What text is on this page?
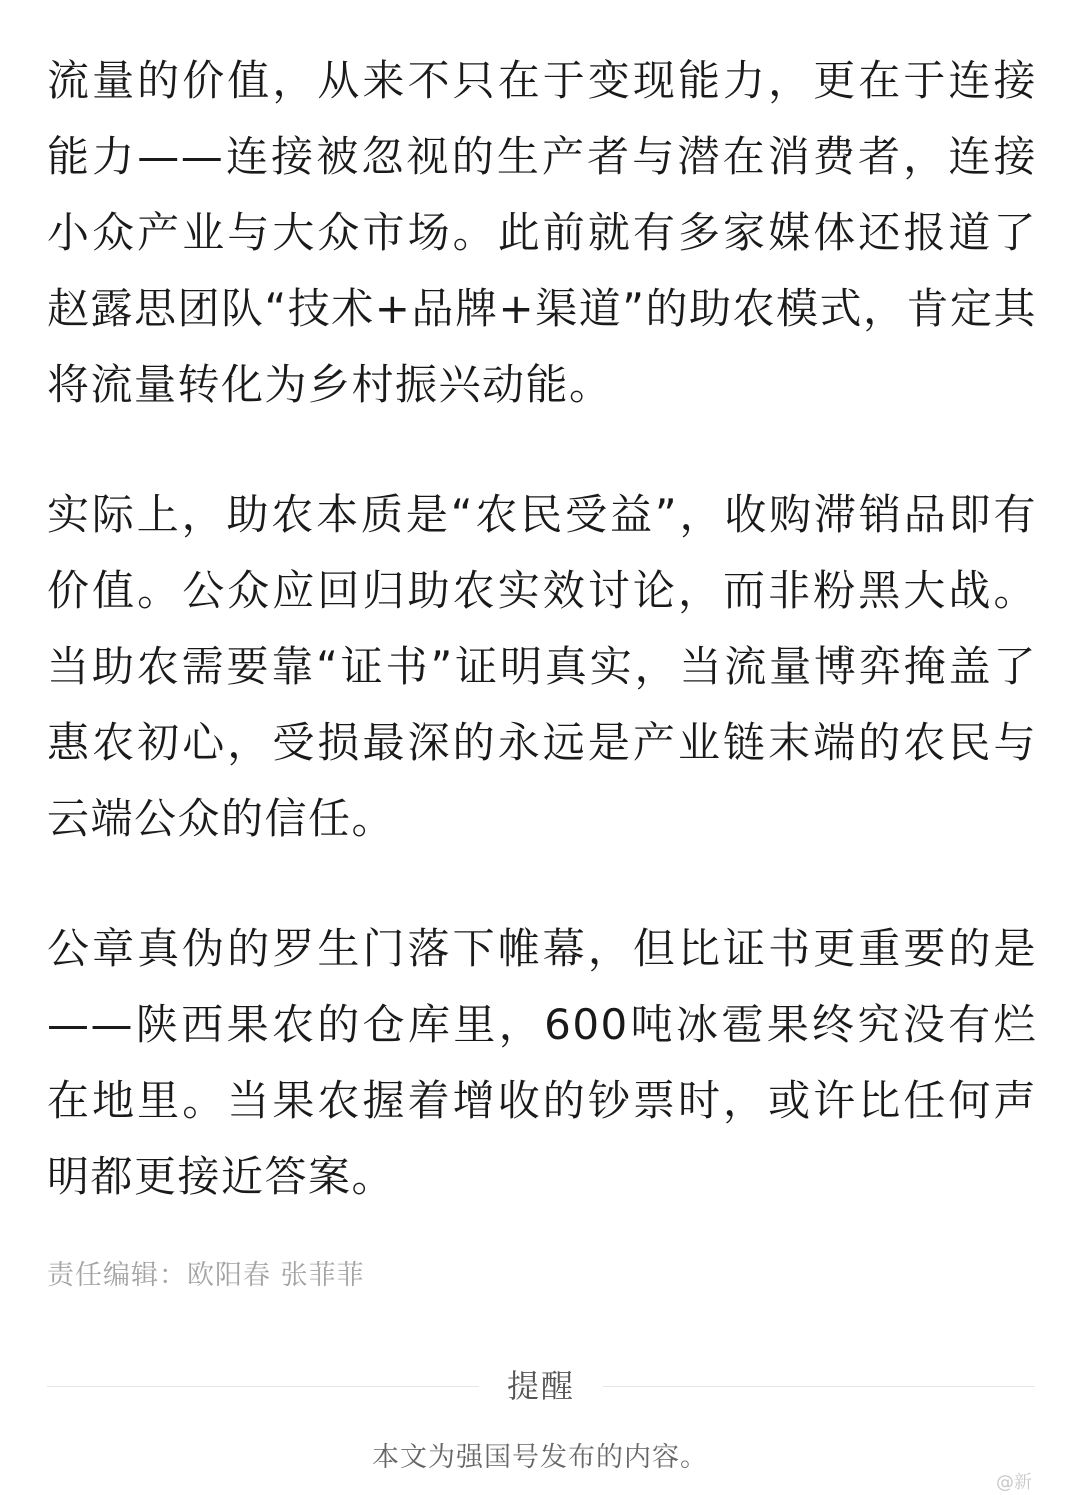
流量的价值，从来不只在于变现能力，更在于连接能力——连接被忽视的生产者与潜在消费者，连接小众产业与大众市场。此前就有多家媒体还报道了赵露思团队“技术+品牌+渠道”的助农模式，肯定其将流量转化为乡村振兴动能。

实际上，助农本质是“农民受益”，收购滞销品即有价值。公众应回归助农实效讨论，而非粉黑大战。当助农需要靠“证书”证明真实，当流量博弈掩盖了惠农初心，受损最深的永远是产业链末端的农民与云端公众的信任。

公章真伪的罗生门落下帷幕，但比证书更重要的是——陕西果农的仓库里，600吨冰雹果终究没有烂在地里。当果农握着增收的钞票时，或许比任何声明都更接近答案。

责任编辑：欧阳春 张菲菲
提醒
本文为强国号发布的内容。
@新
